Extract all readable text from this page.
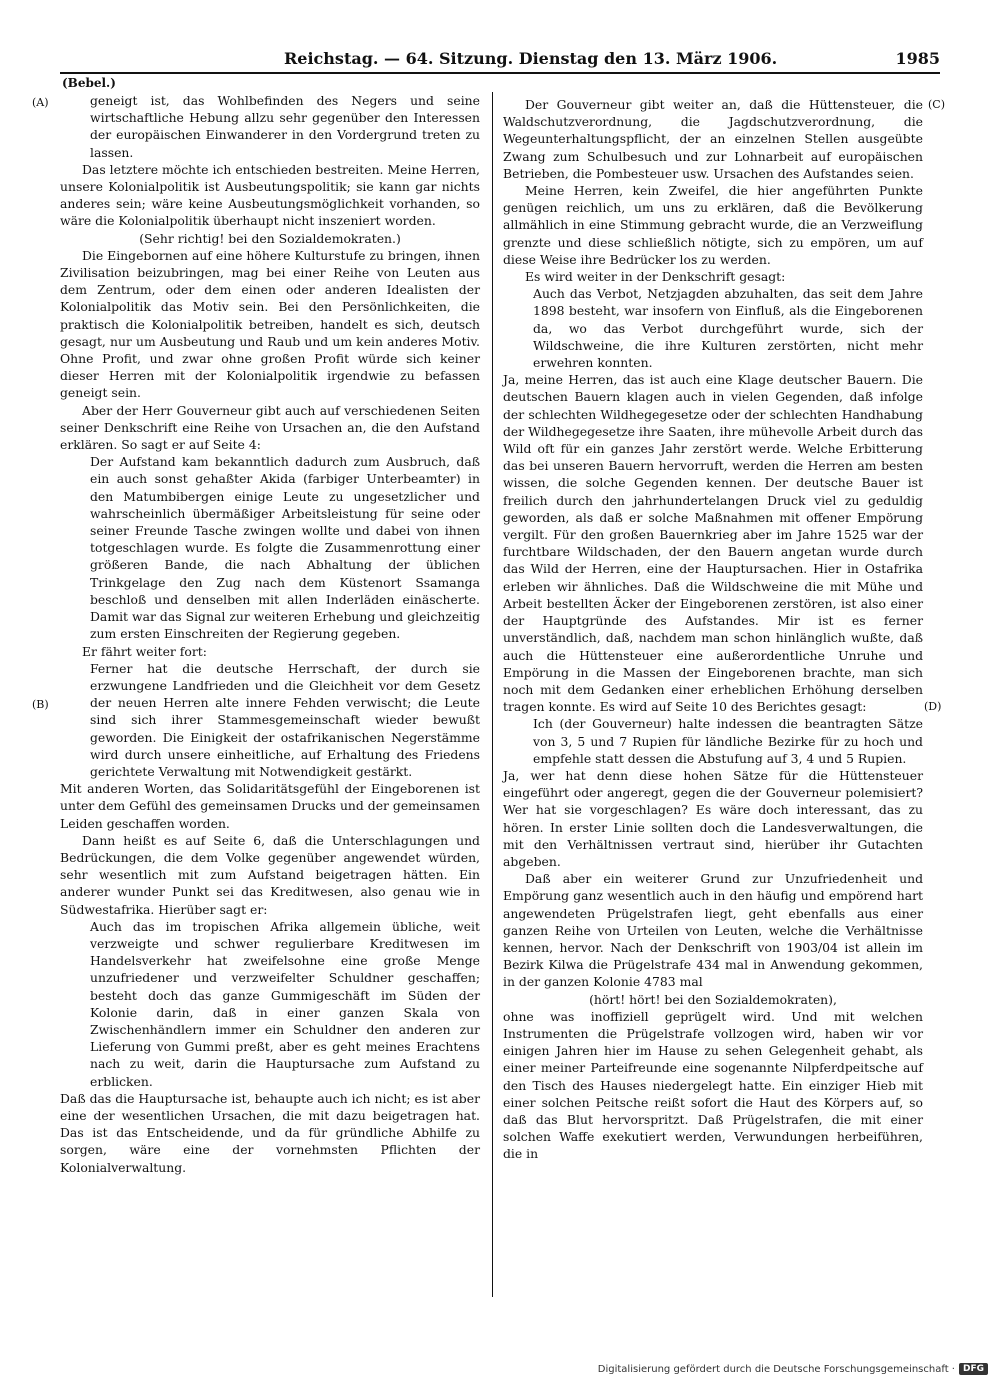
Reichstag. — 64. Sitzung. Dienstag den 13. März 1906.	1985
(Bebel.)
(A)
(B)
(C)
(D)

geneigt ist, das Wohlbefinden des Negers und seine wirtschaftliche Hebung allzu sehr gegenüber den Interessen der europäischen Einwanderer in den Vordergrund treten zu lassen.

Das letztere möchte ich entschieden bestreiten. Meine Herren, unsere Kolonialpolitik ist Ausbeutungspolitik; sie kann gar nichts anderes sein; wäre keine Ausbeutungsmöglichkeit vorhanden, so wäre die Kolonialpolitik überhaupt nicht inszeniert worden.

(Sehr richtig! bei den Sozialdemokraten.)

Die Eingebornen auf eine höhere Kulturstufe zu bringen, ihnen Zivilisation beizubringen, mag bei einer Reihe von Leuten aus dem Zentrum, oder dem einen oder anderen Idealisten der Kolonialpolitik das Motiv sein. Bei den Persönlichkeiten, die praktisch die Kolonialpolitik betreiben, handelt es sich, deutsch gesagt, nur um Ausbeutung und Raub und um kein anderes Motiv. Ohne Profit, und zwar ohne großen Profit würde sich keiner dieser Herren mit der Kolonialpolitik irgendwie zu befassen geneigt sein.

Aber der Herr Gouverneur gibt auch auf verschiedenen Seiten seiner Denkschrift eine Reihe von Ursachen an, die den Aufstand erklären. So sagt er auf Seite 4:

Der Aufstand kam bekanntlich dadurch zum Ausbruch, daß ein auch sonst gehaßter Akida (farbiger Unterbeamter) in den Matumbibergen einige Leute zu ungesetzlicher und wahrscheinlich übermäßiger Arbeitsleistung für seine oder seiner Freunde Tasche zwingen wollte und dabei von ihnen totgeschlagen wurde. Es folgte die Zusammenrottung einer größeren Bande, die nach Abhaltung der üblichen Trinkgelage den Zug nach dem Küstenort Ssamanga beschloß und denselben mit allen Inderläden einäscherte. Damit war das Signal zur weiteren Erhebung und gleichzeitig zum ersten Einschreiten der Regierung gegeben.

Er fährt weiter fort:

Ferner hat die deutsche Herrschaft, der durch sie erzwungene Landfrieden und die Gleichheit vor dem Gesetz der neuen Herren alte innere Fehden verwischt; die Leute sind sich ihrer Stammesgemeinschaft wieder bewußt geworden. Die Einigkeit der ostafrikanischen Negerstämme wird durch unsere einheitliche, auf Erhaltung des Friedens gerichtete Verwaltung mit Notwendigkeit gestärkt.

Mit anderen Worten, das Solidaritätsgefühl der Eingeborenen ist unter dem Gefühl des gemeinsamen Drucks und der gemeinsamen Leiden geschaffen worden.

Dann heißt es auf Seite 6, daß die Unterschlagungen und Bedrückungen, die dem Volke gegenüber angewendet würden, sehr wesentlich mit zum Aufstand beigetragen hätten. Ein anderer wunder Punkt sei das Kreditwesen, also genau wie in Südwestafrika. Hierüber sagt er:

Auch das im tropischen Afrika allgemein übliche, weit verzweigte und schwer regulierbare Kreditwesen im Handelsverkehr hat zweifelsohne eine große Menge unzufriedener und verzweifelter Schuldner geschaffen; besteht doch das ganze Gummigeschäft im Süden der Kolonie darin, daß in einer ganzen Skala von Zwischenhändlern immer ein Schuldner den anderen zur Lieferung von Gummi preßt, aber es geht meines Erachtens nach zu weit, darin die Hauptursache zum Aufstand zu erblicken.

Daß das die Hauptursache ist, behaupte auch ich nicht; es ist aber eine der wesentlichen Ursachen, die mit dazu beigetragen hat. Das ist das Entscheidende, und da für gründliche Abhilfe zu sorgen, wäre eine der vornehmsten Pflichten der Kolonialverwaltung.

Der Gouverneur gibt weiter an, daß die Hüttensteuer, die Waldschutzverordnung, die Jagdschutzverordnung, die Wegeunterhaltungspflicht, der an einzelnen Stellen ausgeübte Zwang zum Schulbesuch und zur Lohnarbeit auf europäischen Betrieben, die Pombesteuer usw. Ursachen des Aufstandes seien.

Meine Herren, kein Zweifel, die hier angeführten Punkte genügen reichlich, um uns zu erklären, daß die Bevölkerung allmählich in eine Stimmung gebracht wurde, die an Verzweiflung grenzte und diese schließlich nötigte, sich zu empören, um auf diese Weise ihre Bedrücker los zu werden.

Es wird weiter in der Denkschrift gesagt:

Auch das Verbot, Netzjagden abzuhalten, das seit dem Jahre 1898 besteht, war insofern von Einfluß, als die Eingeborenen da, wo das Verbot durchgeführt wurde, sich der Wildschweine, die ihre Kulturen zerstörten, nicht mehr erwehren konnten.

Ja, meine Herren, das ist auch eine Klage deutscher Bauern. Die deutschen Bauern klagen auch in vielen Gegenden, daß infolge der schlechten Wildhegegesetze oder der schlechten Handhabung der Wildhegegesetze ihre Saaten, ihre mühevolle Arbeit durch das Wild oft für ein ganzes Jahr zerstört werde. Welche Erbitterung das bei unseren Bauern hervorruft, werden die Herren am besten wissen, die solche Gegenden kennen. Der deutsche Bauer ist freilich durch den jahrhundertelangen Druck viel zu geduldig geworden, als daß er solche Maßnahmen mit offener Empörung vergilt. Für den großen Bauernkrieg aber im Jahre 1525 war der furchtbare Wildschaden, der den Bauern angetan wurde durch das Wild der Herren, eine der Hauptursachen. Hier in Ostafrika erleben wir ähnliches. Daß die Wildschweine die mit Mühe und Arbeit bestellten Äcker der Eingeborenen zerstören, ist also einer der Hauptgründe des Aufstandes. Mir ist es ferner unverständlich, daß, nachdem man schon hinlänglich wußte, daß auch die Hüttensteuer eine außerordentliche Unruhe und Empörung in die Massen der Eingeborenen brachte, man sich noch mit dem Gedanken einer erheblichen Erhöhung derselben tragen konnte. Es wird auf Seite 10 des Berichtes gesagt:

Ich (der Gouverneur) halte indessen die beantragten Sätze von 3, 5 und 7 Rupien für ländliche Bezirke für zu hoch und empfehle statt dessen die Abstufung auf 3, 4 und 5 Rupien.

Ja, wer hat denn diese hohen Sätze für die Hüttensteuer eingeführt oder angeregt, gegen die der Gouverneur polemisiert? Wer hat sie vorgeschlagen? Es wäre doch interessant, das zu hören. In erster Linie sollten doch die Landesverwaltungen, die mit den Verhältnissen vertraut sind, hierüber ihr Gutachten abgeben.

Daß aber ein weiterer Grund zur Unzufriedenheit und Empörung ganz wesentlich auch in den häufig und empörend hart angewendeten Prügelstrafen liegt, geht ebenfalls aus einer ganzen Reihe von Urteilen von Leuten, welche die Verhältnisse kennen, hervor. Nach der Denkschrift von 1903/04 ist allein im Bezirk Kilwa die Prügelstrafe 434 mal in Anwendung gekommen, in der ganzen Kolonie 4783 mal

(hört! hört! bei den Sozialdemokraten),

ohne was inoffiziell geprügelt wird. Und mit welchen Instrumenten die Prügelstrafe vollzogen wird, haben wir vor einigen Jahren hier im Hause zu sehen Gelegenheit gehabt, als einer meiner Parteifreunde eine sogenannte Nilpferdpeitsche auf den Tisch des Hauses niedergelegt hatte. Ein einziger Hieb mit einer solchen Peitsche reißt sofort die Haut des Körpers auf, so daß das Blut hervorspritzt. Daß Prügelstrafen, die mit einer solchen Waffe exekutiert werden, Verwundungen herbeiführen, die in

Digitalisierung gefördert durch die Deutsche Forschungsgemeinschaft · DFG
